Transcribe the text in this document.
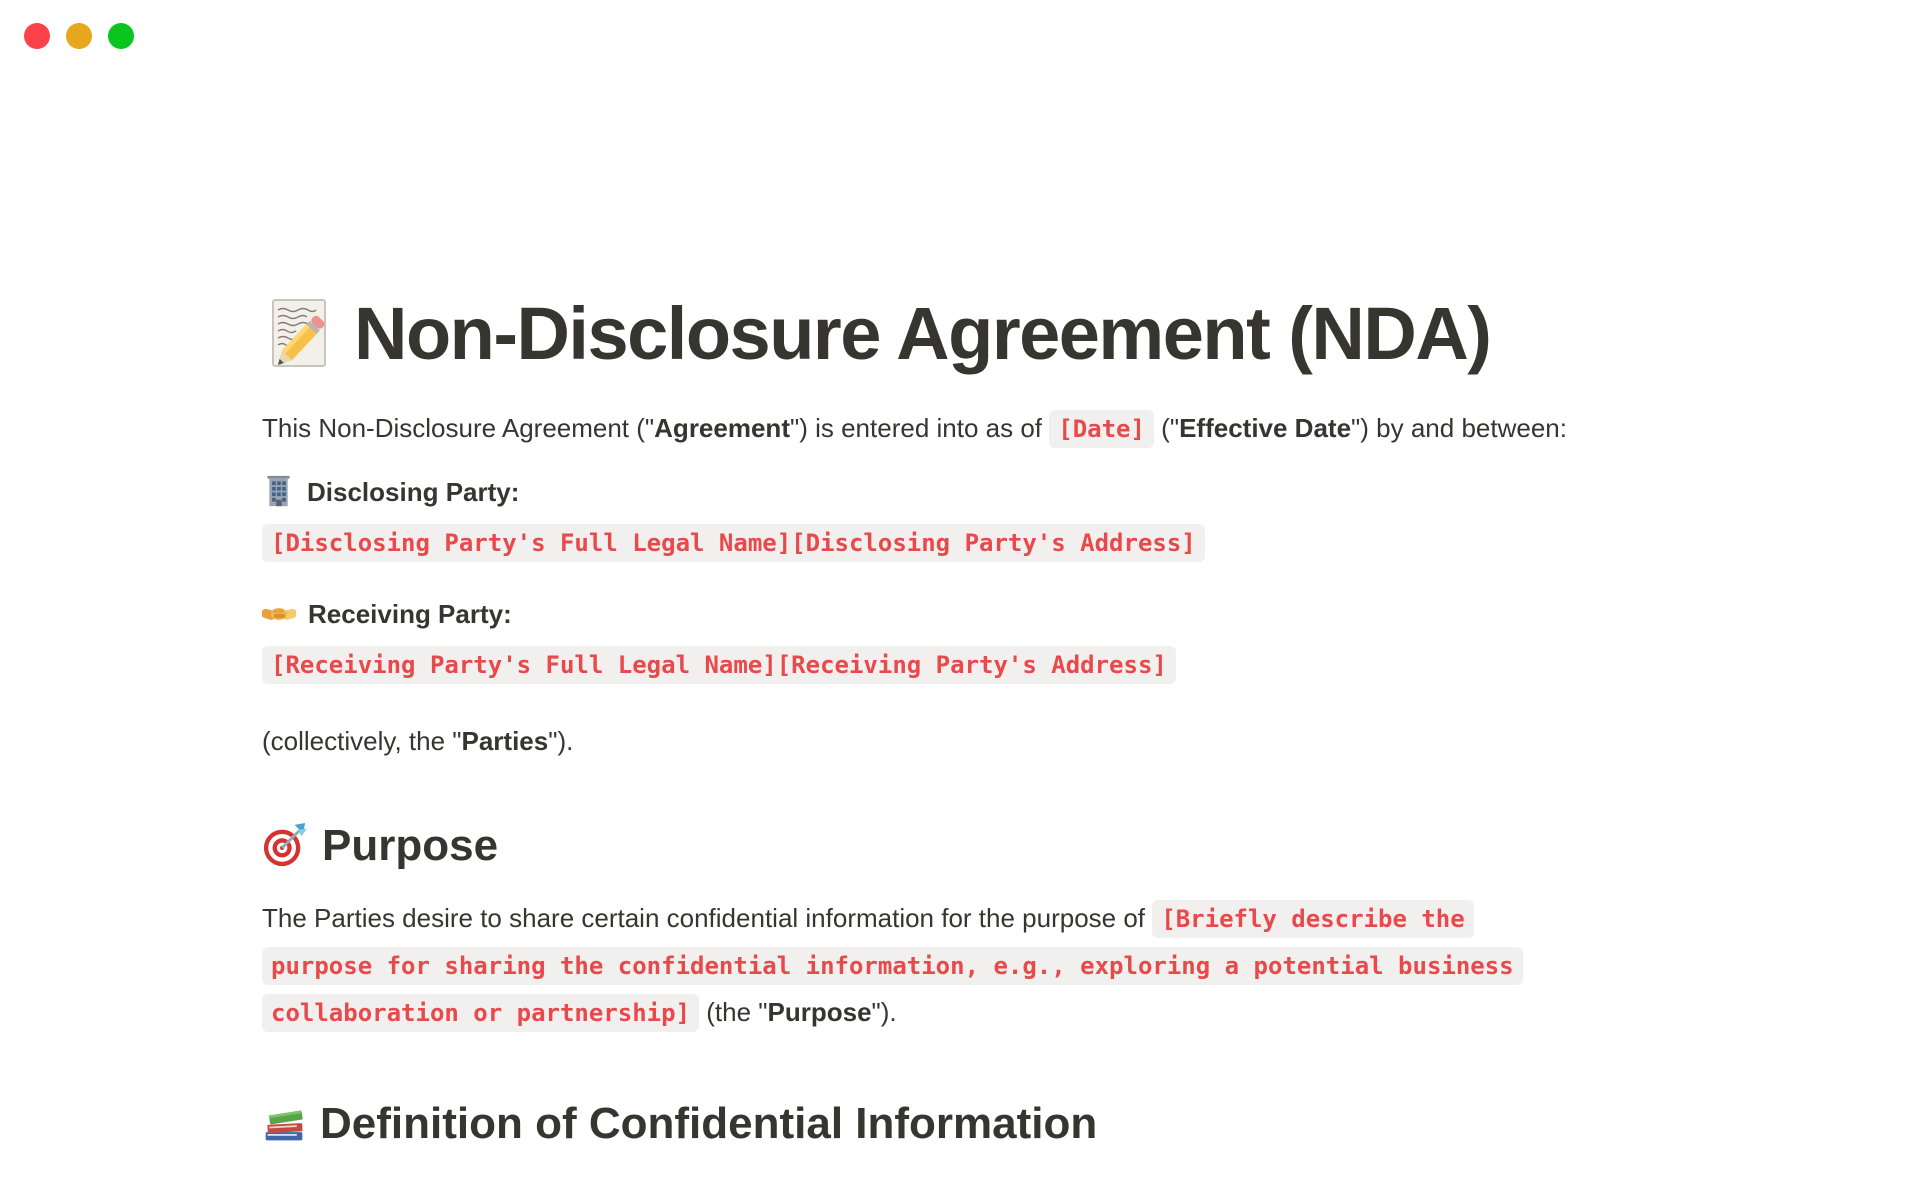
Non-Disclosure Agreement (NDA)

This Non-Disclosure Agreement ("Agreement") is entered into as of [Date] ("Effective Date") by and between:

Disclosing Party:
[Disclosing Party's Full Legal Name][Disclosing Party's Address]
Receiving Party:
[Receiving Party's Full Legal Name][Receiving Party's Address]

(collectively, the "Parties").

Purpose

The Parties desire to share certain confidential information for the purpose of [Briefly describe the purpose for sharing the confidential information, e.g., exploring a potential business collaboration or partnership] (the "Purpose").

Definition of Confidential Information
